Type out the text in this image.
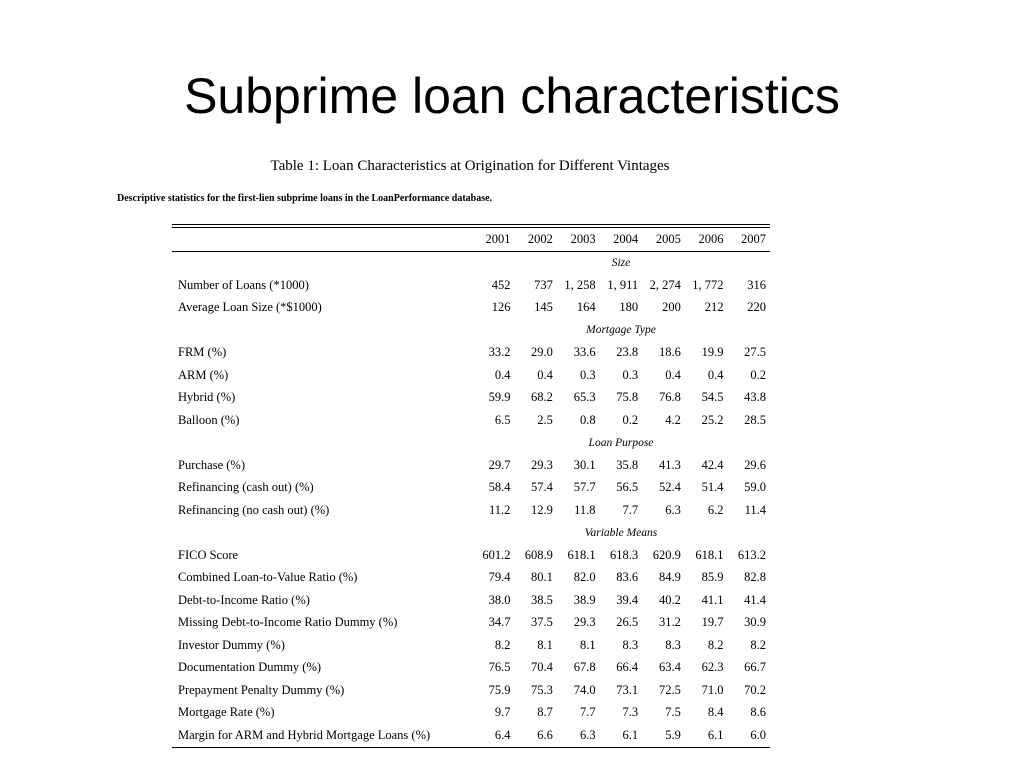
Subprime loan characteristics
Table 1: Loan Characteristics at Origination for Different Vintages
Descriptive statistics for the first-lien subprime loans in the LoanPerformance database.

	2001	2002	2003	2004	2005	2006	2007
	Size						
Number of Loans (*1000)	452	737	1, 258	1, 911	2, 274	1, 772	316
Average Loan Size (*$1000)	126	145	164	180	200	212	220
	Mortgage Type						
FRM (%)	33.2	29.0	33.6	23.8	18.6	19.9	27.5
ARM (%)	0.4	0.4	0.3	0.3	0.4	0.4	0.2
Hybrid (%)	59.9	68.2	65.3	75.8	76.8	54.5	43.8
Balloon (%)	6.5	2.5	0.8	0.2	4.2	25.2	28.5
	Loan Purpose						
Purchase (%)	29.7	29.3	30.1	35.8	41.3	42.4	29.6
Refinancing (cash out) (%)	58.4	57.4	57.7	56.5	52.4	51.4	59.0
Refinancing (no cash out) (%)	11.2	12.9	11.8	7.7	6.3	6.2	11.4
	Variable Means						
FICO Score	601.2	608.9	618.1	618.3	620.9	618.1	613.2
Combined Loan-to-Value Ratio (%)	79.4	80.1	82.0	83.6	84.9	85.9	82.8
Debt-to-Income Ratio (%)	38.0	38.5	38.9	39.4	40.2	41.1	41.4
Missing Debt-to-Income Ratio Dummy (%)	34.7	37.5	29.3	26.5	31.2	19.7	30.9
Investor Dummy (%)	8.2	8.1	8.1	8.3	8.3	8.2	8.2
Documentation Dummy (%)	76.5	70.4	67.8	66.4	63.4	62.3	66.7
Prepayment Penalty Dummy (%)	75.9	75.3	74.0	73.1	72.5	71.0	70.2
Mortgage Rate (%)	9.7	8.7	7.7	7.3	7.5	8.4	8.6
Margin for ARM and Hybrid Mortgage Loans (%)	6.4	6.6	6.3	6.1	5.9	6.1	6.0
